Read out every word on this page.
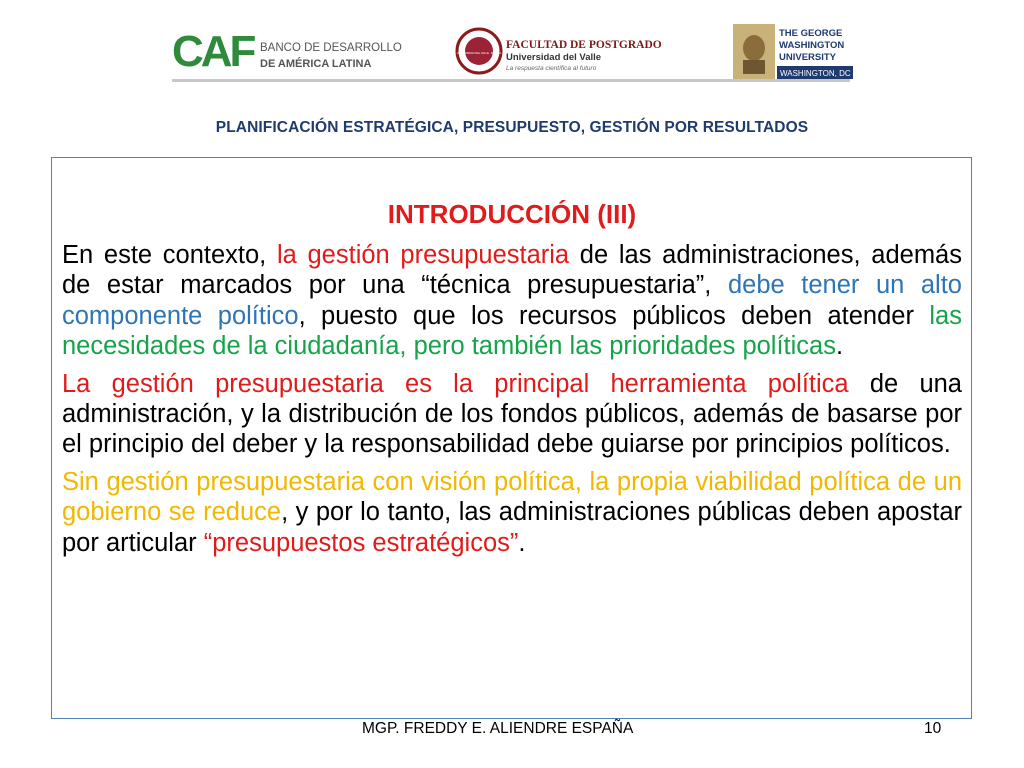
CAF BANCO DE DESARROLLO
DE AMÉRICA LATINA
UNIVERSIDAD DEL VALLE · BOLIVIA
FACULTAD DE POSTGRADO
Universidad del Valle
La respuesta científica al futuro
THE GEORGE
WASHINGTON
UNIVERSITY
WASHINGTON, DC
PLANIFICACIÓN ESTRATÉGICA, PRESUPUESTO, GESTIÓN POR RESULTADOS
INTRODUCCIÓN (III)

En este contexto, la gestión presupuestaria de las administraciones, además de estar marcados por una “técnica presupuestaria”, debe tener un alto componente político, puesto que los recursos públicos deben atender las necesidades de la ciudadanía, pero también las prioridades políticas.

La gestión presupuestaria es la principal herramienta política de una administración, y la distribución de los fondos públicos, además de basarse por el principio del deber y la responsabilidad debe guiarse por principios políticos.

Sin gestión presupuestaria con visión política, la propia viabilidad política de un gobierno se reduce, y por lo tanto, las administraciones públicas deben apostar por articular “presupuestos estratégicos”.

MGP. FREDDY E. ALIENDRE ESPAÑA	10
